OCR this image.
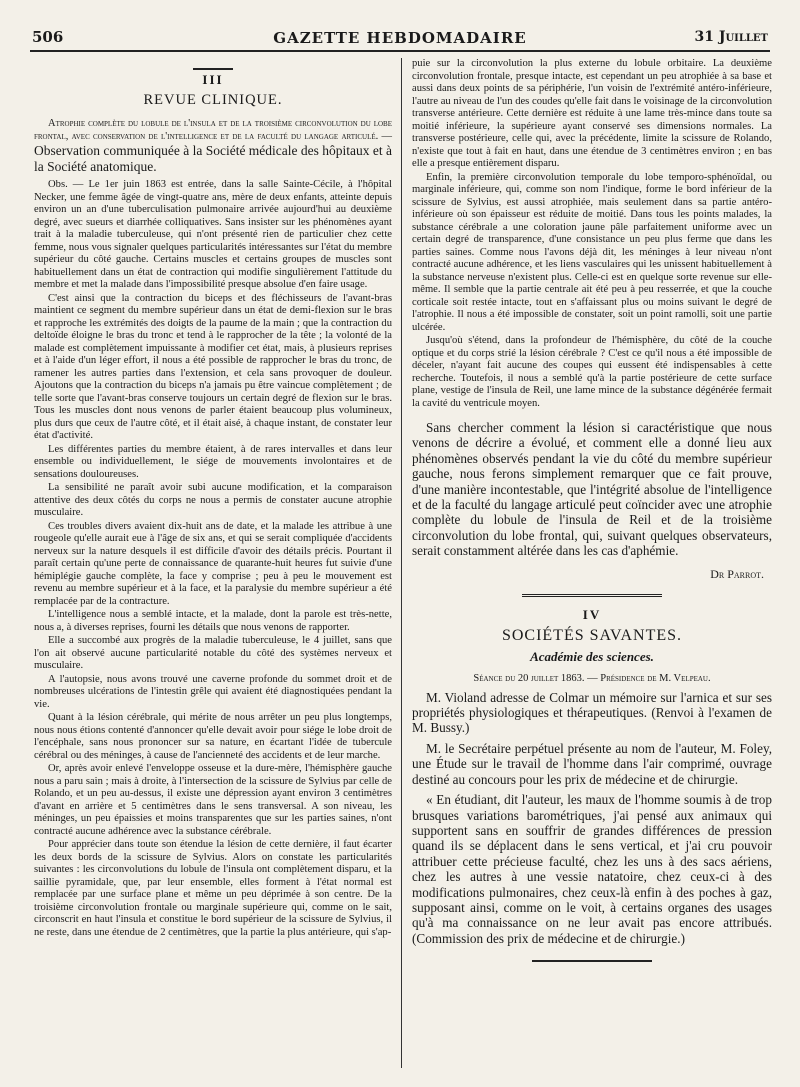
506	GAZETTE HEBDOMADAIRE	31 Juillet
III
REVUE CLINIQUE.
Atrophie complète du lobule de l'insula et de la troisième circonvolution du lobe frontal, avec conservation de l'intelligence et de la faculté du langage articulé. — Observation communiquée à la Société médicale des hôpitaux et à la Société anatomique.

Obs. — Le 1er juin 1863 est entrée, dans la salle Sainte-Cécile, à l'hôpital Necker, une femme âgée de vingt-quatre ans, mère de deux enfants, atteinte depuis environ un an d'une tuberculisation pulmonaire arrivée aujourd'hui au deuxième degré, avec sueurs et diarrhée colliquatives. Sans insister sur les phénomènes ayant trait à la maladie tuberculeuse, qui n'ont présenté rien de particulier chez cette femme, nous vous signaler quelques particularités intéressantes sur l'état du membre supérieur du côté gauche. Certains muscles et certains groupes de muscles sont habituellement dans un état de contraction qui modifie singulièrement l'attitude du membre et met la malade dans l'impossibilité presque absolue d'en faire usage.

C'est ainsi que la contraction du biceps et des fléchisseurs de l'avant-bras maintient ce segment du membre supérieur dans un état de demi-flexion sur le bras et rapproche les extrémités des doigts de la paume de la main ; que la contraction du deltoïde éloigne le bras du tronc et tend à le rapprocher de la tête ; la volonté de la malade est complètement impuissante à modifier cet état, mais, à plusieurs reprises et à l'aide d'un léger effort, il nous a été possible de rapprocher le bras du tronc, de ramener les autres parties dans l'extension, et cela sans provoquer de douleur. Ajoutons que la contraction du biceps n'a jamais pu être vaincue complètement ; de telle sorte que l'avant-bras conserve toujours un certain degré de flexion sur le bras. Tous les muscles dont nous venons de parler étaient beaucoup plus volumineux, plus durs que ceux de l'autre côté, et il était aisé, à chaque instant, de constater leur état d'activité.

Les différentes parties du membre étaient, à de rares intervalles et dans leur ensemble ou individuellement, le siége de mouvements involontaires et de sensations douloureuses.

La sensibilité ne paraît avoir subi aucune modification, et la comparaison attentive des deux côtés du corps ne nous a permis de constater aucune atrophie musculaire.

Ces troubles divers avaient dix-huit ans de date, et la malade les attribue à une rougeole qu'elle aurait eue à l'âge de six ans, et qui se serait compliquée d'accidents nerveux sur la nature desquels il est difficile d'avoir des détails précis. Pourtant il paraît certain qu'une perte de connaissance de quarante-huit heures fut suivie d'une hémiplégie gauche complète, la face y comprise ; peu à peu le mouvement est revenu au membre supérieur et à la face, et la paralysie du membre supérieur a été remplacée par de la contracture.

L'intelligence nous a semblé intacte, et la malade, dont la parole est très-nette, nous a, à diverses reprises, fourni les détails que nous venons de rapporter.

Elle a succombé aux progrès de la maladie tuberculeuse, le 4 juillet, sans que l'on ait observé aucune particularité notable du côté des systèmes nerveux et musculaire.

A l'autopsie, nous avons trouvé une caverne profonde du sommet droit et de nombreuses ulcérations de l'intestin grêle qui avaient été diagnostiquées pendant la vie.

Quant à la lésion cérébrale, qui mérite de nous arrêter un peu plus longtemps, nous nous étions contenté d'annoncer qu'elle devait avoir pour siége le lobe droit de l'encéphale, sans nous prononcer sur sa nature, en écartant l'idée de tubercule cérébral ou des méninges, à cause de l'ancienneté des accidents et de leur marche.

Or, après avoir enlevé l'enveloppe osseuse et la dure-mère, l'hémisphère gauche nous a paru sain ; mais à droite, à l'intersection de la scissure de Sylvius par celle de Rolando, et un peu au-dessus, il existe une dépression ayant environ 3 centimètres d'avant en arrière et 5 centimètres dans le sens transversal. A son niveau, les méninges, un peu épaissies et moins transparentes que sur les parties saines, n'ont contracté aucune adhérence avec la substance cérébrale.

Pour apprécier dans toute son étendue la lésion de cette dernière, il faut écarter les deux bords de la scissure de Sylvius. Alors on constate les particularités suivantes : les circonvolutions du lobule de l'insula ont complètement disparu, et la saillie pyramidale, que, par leur ensemble, elles forment à l'état normal est remplacée par une surface plane et même un peu déprimée à son centre. De la troisième circonvolution frontale ou marginale supérieure qui, comme on le sait, circonscrit en haut l'insula et constitue le bord supérieur de la scissure de Sylvius, il ne reste, dans une étendue de 2 centimètres, que la partie la plus antérieure, qui s'ap-

puie sur la circonvolution la plus externe du lobule orbitaire. La deuxième circonvolution frontale, presque intacte, est cependant un peu atrophiée à sa base et aussi dans deux points de sa périphérie, l'un voisin de l'extrémité antéro-inférieure, l'autre au niveau de l'un des coudes qu'elle fait dans le voisinage de la circonvolution transverse antérieure. Cette dernière est réduite à une lame très-mince dans toute sa moitié inférieure, la supérieure ayant conservé ses dimensions normales. La transverse postérieure, celle qui, avec la précédente, limite la scissure de Rolando, n'existe que tout à fait en haut, dans une étendue de 3 centimètres environ ; en bas elle a presque entièrement disparu.

Enfin, la première circonvolution temporale du lobe temporo-sphénoïdal, ou marginale inférieure, qui, comme son nom l'indique, forme le bord inférieur de la scissure de Sylvius, est aussi atrophiée, mais seulement dans sa partie antéro-inférieure où son épaisseur est réduite de moitié. Dans tous les points malades, la substance cérébrale a une coloration jaune pâle parfaitement uniforme avec un certain degré de transparence, d'une consistance un peu plus ferme que dans les parties saines. Comme nous l'avons déjà dit, les méninges à leur niveau n'ont contracté aucune adhérence, et les liens vasculaires qui les unissent habituellement à la substance nerveuse n'existent plus. Celle-ci est en quelque sorte revenue sur elle-même. Il semble que la partie centrale ait été peu à peu resserrée, et que la couche corticale soit restée intacte, tout en s'affaissant plus ou moins suivant le degré de l'atrophie. Il nous a été impossible de constater, soit un point ramolli, soit une partie ulcérée.

Jusqu'où s'étend, dans la profondeur de l'hémisphère, du côté de la couche optique et du corps strié la lésion cérébrale ? C'est ce qu'il nous a été impossible de déceler, n'ayant fait aucune des coupes qui eussent été indispensables à cette recherche. Toutefois, il nous a semblé qu'à la partie postérieure de cette surface plane, vestige de l'insula de Reil, une lame mince de la substance dégénérée fermait la cavité du ventricule moyen.

Sans chercher comment la lésion si caractéristique que nous venons de décrire a évolué, et comment elle a donné lieu aux phénomènes observés pendant la vie du côté du membre supérieur gauche, nous ferons simplement remarquer que ce fait prouve, d'une manière incontestable, que l'intégrité absolue de l'intelligence et de la faculté du langage articulé peut coïncider avec une atrophie complète du lobule de l'insula de Reil et de la troisième circonvolution du lobe frontal, qui, suivant quelques observateurs, serait constamment altérée dans les cas d'aphémie.

Dr Parrot.
IV
SOCIÉTÉS SAVANTES.
Académie des sciences.
Séance du 20 juillet 1863. — Présidence de M. Velpeau.

M. Violand adresse de Colmar un mémoire sur l'arnica et sur ses propriétés physiologiques et thérapeutiques. (Renvoi à l'examen de M. Bussy.)

M. le Secrétaire perpétuel présente au nom de l'auteur, M. Foley, une Étude sur le travail de l'homme dans l'air comprimé, ouvrage destiné au concours pour les prix de médecine et de chirurgie.

« En étudiant, dit l'auteur, les maux de l'homme soumis à de trop brusques variations barométriques, j'ai pensé aux animaux qui supportent sans en souffrir de grandes différences de pression quand ils se déplacent dans le sens vertical, et j'ai cru pouvoir attribuer cette précieuse faculté, chez les uns à des sacs aériens, chez les autres à une vessie natatoire, chez ceux-ci à des modifications pulmonaires, chez ceux-là enfin à des poches à gaz, supposant ainsi, comme on le voit, à certains organes des usages qu'à ma connaissance on ne leur avait pas encore attribués. (Commission des prix de médecine et de chirurgie.)
